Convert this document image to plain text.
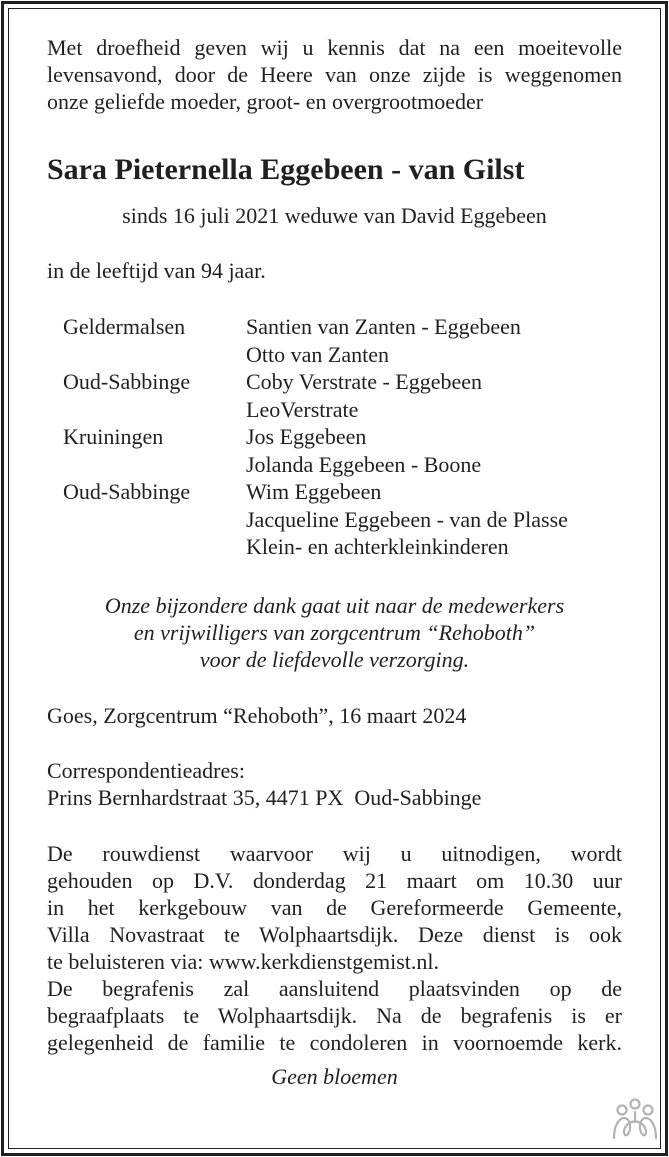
Met droefheid geven wij u kennis dat na een moeitevolle
levensavond, door de Heere van onze zijde is weggenomen
onze geliefde moeder, groot- en overgrootmoeder
Sara Pieternella Eggebeen - van Gilst
sinds 16 juli 2021 weduwe van David Eggebeen
in de leeftijd van 94 jaar.
Geldermalsen	Santien van Zanten - Eggebeen
Otto van Zanten
Oud-Sabbinge	Coby Verstrate - Eggebeen
LeoVerstrate
Kruiningen	Jos Eggebeen
Jolanda Eggebeen - Boone
Oud-Sabbinge	Wim Eggebeen
Jacqueline Eggebeen - van de Plasse
Klein- en achterkleinkinderen
Onze bijzondere dank gaat uit naar de medewerkers
en vrijwilligers van zorgcentrum “Rehoboth”
voor de liefdevolle verzorging.
Goes, Zorgcentrum “Rehoboth”, 16 maart 2024
Correspondentieadres:
Prins Bernhardstraat 35, 4471 PX  Oud-Sabbinge
De rouwdienst waarvoor wij u uitnodigen, wordt
gehouden op D.V. donderdag 21 maart om 10.30 uur
in het kerkgebouw van de Gereformeerde Gemeente,
Villa Novastraat te Wolphaartsdijk. Deze dienst is ook
te beluisteren via: www.kerkdienstgemist.nl.
De begrafenis zal aansluitend plaatsvinden op de
begraafplaats te Wolphaartsdijk. Na de begrafenis is er
gelegenheid de familie te condoleren in voornoemde kerk.
Geen bloemen
